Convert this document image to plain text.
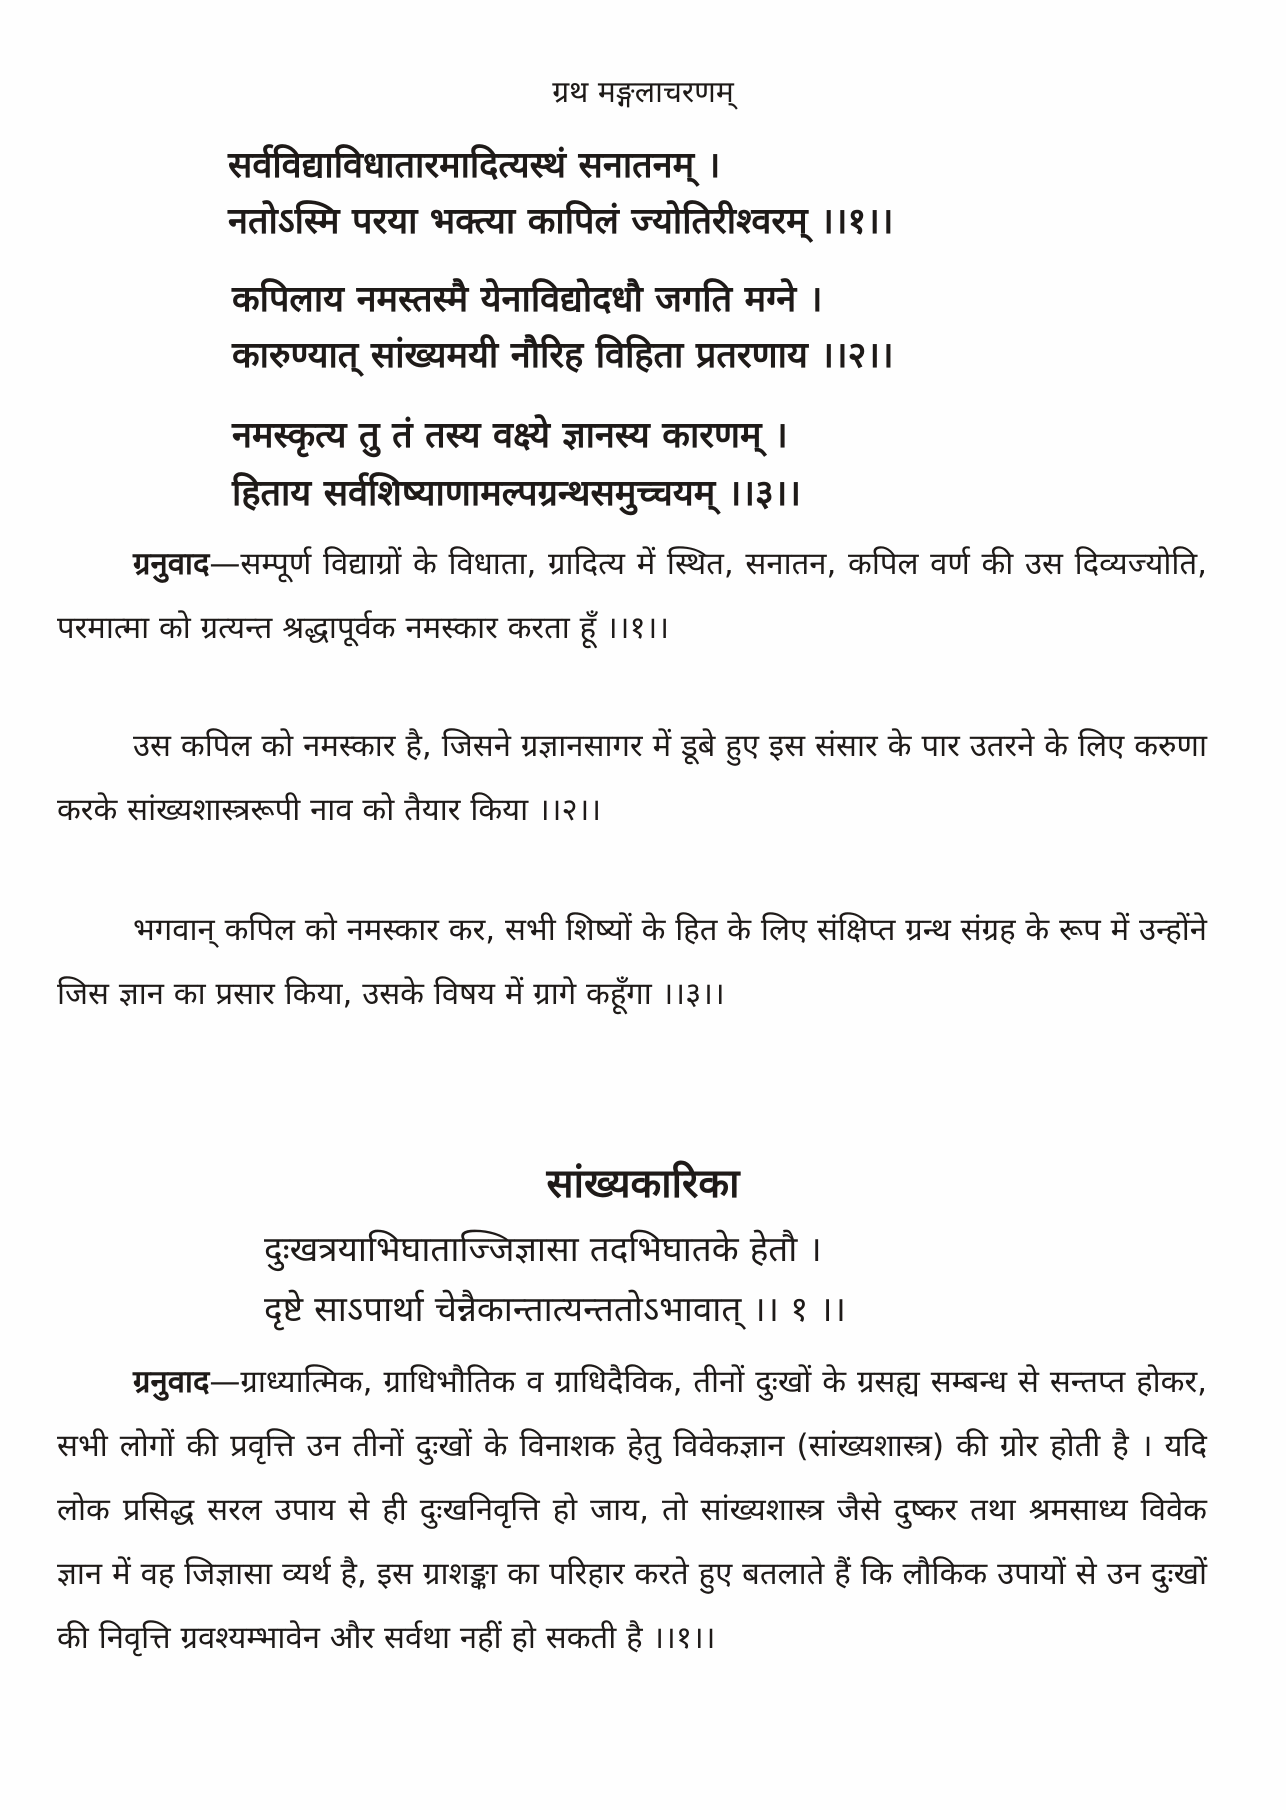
ग्रथ मङ्गलाचरणम्
सर्वविद्याविधातारमादित्यस्थं सनातनम् ।
नतोऽस्मि परया भक्त्या कापिलं ज्योतिरीश्वरम् ।।१।।
कपिलाय नमस्तस्मै येनाविद्योदधौ जगति मग्ने ।
कारुण्यात् सांख्यमयी नौरिह विहिता प्रतरणाय ।।२।।
नमस्कृत्य तु तं तस्य वक्ष्ये ज्ञानस्य कारणम् ।
हिताय सर्वशिष्याणामल्पग्रन्थसमुच्चयम् ।।३।।
ग्रनुवाद—सम्पूर्ण विद्याग्रों के विधाता, ग्रादित्य में स्थित, सनातन, कपिल वर्ण की उस दिव्यज्योति, परमात्मा को ग्रत्यन्त श्रद्धापूर्वक नमस्कार करता हूँ ।।१।।
उस कपिल को नमस्कार है, जिसने ग्रज्ञानसागर में डूबे हुए इस संसार के पार उतरने के लिए करुणा करके सांख्यशास्त्ररूपी नाव को तैयार किया ।।२।।
भगवान् कपिल को नमस्कार कर, सभी शिष्यों के हित के लिए संक्षिप्त ग्रन्थ संग्रह के रूप में उन्होंने जिस ज्ञान का प्रसार किया, उसके विषय में ग्रागे कहूँगा ।।३।।
सांख्यकारिका
दुःखत्रयाभिघाताज्जिज्ञासा तदभिघातके हेतौ ।
दृष्टे साऽपार्था चेन्नैकान्तात्यन्ततोऽभावात् ।। १ ।।
ग्रनुवाद—ग्राध्यात्मिक, ग्राधिभौतिक व ग्राधिदैविक, तीनों दुःखों के ग्रसह्य सम्बन्ध से सन्तप्त होकर, सभी लोगों की प्रवृत्ति उन तीनों दुःखों के विनाशक हेतु विवेकज्ञान (सांख्यशास्त्र) की ग्रोर होती है । यदि लोक प्रसिद्ध सरल उपाय से ही दुःखनिवृत्ति हो जाय, तो सांख्यशास्त्र जैसे दुष्कर तथा श्रमसाध्य विवेक ज्ञान में वह जिज्ञासा व्यर्थ है, इस ग्राशङ्का का परिहार करते हुए बतलाते हैं कि लौकिक उपायों से उन दुःखों की निवृत्ति ग्रवश्यम्भावेन और सर्वथा नहीं हो सकती है ।।१।।
